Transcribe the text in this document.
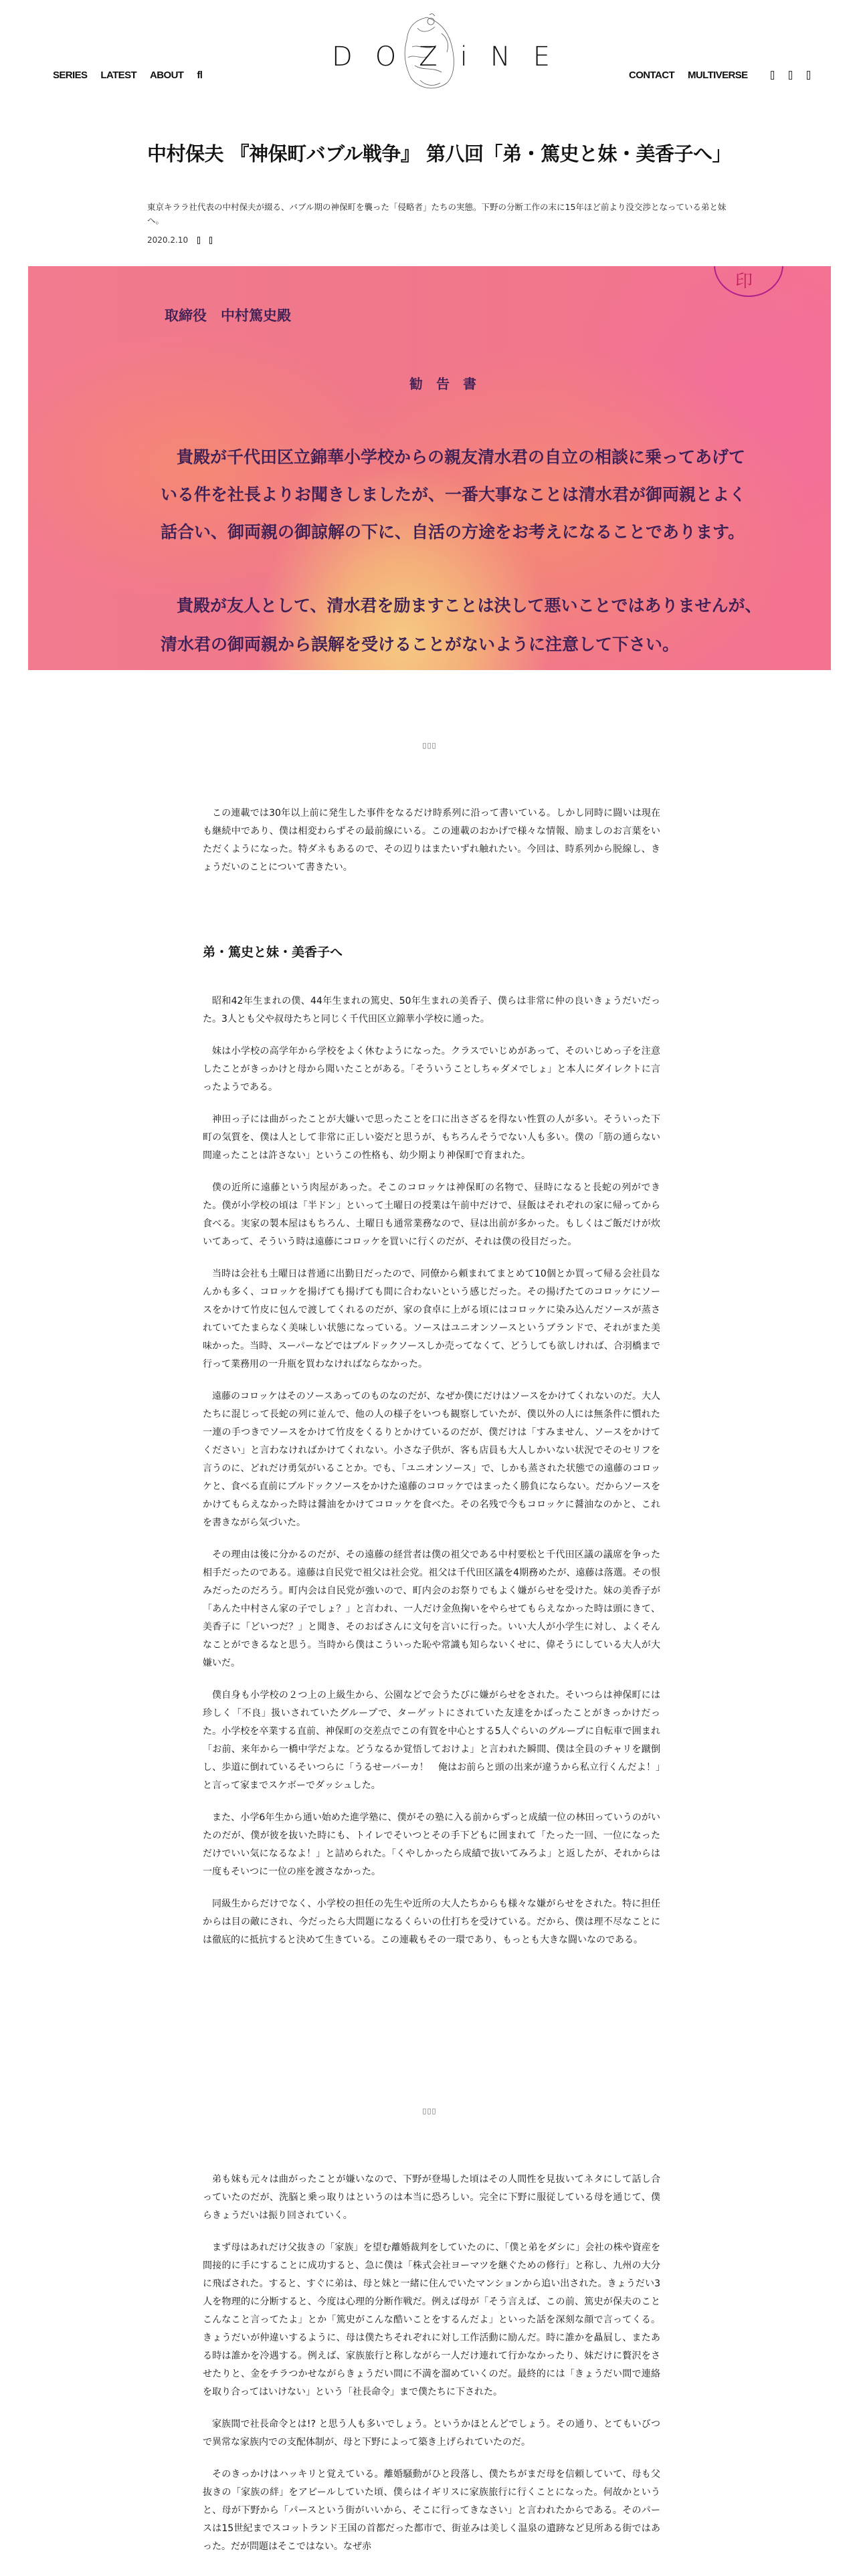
SERIES LATEST ABOUT fl
DOZiNE
CONTACT MULTIVERSE
中村保夫 『神保町バブル戦争』 第八回「弟・篤史と妹・美香子へ」
東京キララ社代表の中村保夫が綴る、バブル期の神保町を襲った「侵略者」たちの実態。下野の分断工作の末に15年ほど前より没交渉となっている弟と妹へ。
2020.2.10
印
取締役　中村篤史殿
勧　告　書
貴殿が千代田区立錦華小学校からの親友清水君の自立の相談に乗ってあげて
いる件を社長よりお聞きしましたが、一番大事なことは清水君が御両親とよく
話合い、御両親の御諒解の下に、自活の方途をお考えになることであります。
貴殿が友人として、清水君を励ますことは決して悪いことではありませんが、
清水君の御両親から誤解を受けることがないように注意して下さい。
▯▯▯

この連載では30年以上前に発生した事件をなるだけ時系列に沿って書いている。しかし同時に闘いは現在も継続中であり、僕は相変わらずその最前線にいる。この連載のおかげで様々な情報、励ましのお言葉をいただくようになった。特ダネもあるので、その辺りはまたいずれ触れたい。今回は、時系列から脱線し、きょうだいのことについて書きたい。

弟・篤史と妹・美香子へ

昭和42年生まれの僕、44年生まれの篤史、50年生まれの美香子、僕らは非常に仲の良いきょうだいだった。3人とも父や叔母たちと同じく千代田区立錦華小学校に通った。

妹は小学校の高学年から学校をよく休むようになった。クラスでいじめがあって、そのいじめっ子を注意したことがきっかけと母から聞いたことがある。「そういうことしちゃダメでしょ」と本人にダイレクトに言ったようである。

神田っ子には曲がったことが大嫌いで思ったことを口に出さざるを得ない性質の人が多い。そういった下町の気質を、僕は人として非常に正しい姿だと思うが、もちろんそうでない人も多い。僕の「筋の通らない間違ったことは許さない」というこの性格も、幼少期より神保町で育まれた。

僕の近所に遠藤という肉屋があった。そこのコロッケは神保町の名物で、昼時になると長蛇の列ができた。僕が小学校の頃は「半ドン」といって土曜日の授業は午前中だけで、昼飯はそれぞれの家に帰ってから食べる。実家の製本屋はもちろん、土曜日も通常業務なので、昼は出前が多かった。もしくはご飯だけが炊いてあって、そういう時は遠藤にコロッケを買いに行くのだが、それは僕の役目だった。

当時は会社も土曜日は普通に出勤日だったので、同僚から頼まれてまとめて10個とか買って帰る会社員なんかも多く、コロッケを揚げても揚げても間に合わないという感じだった。その揚げたてのコロッケにソースをかけて竹皮に包んで渡してくれるのだが、家の食卓に上がる頃にはコロッケに染み込んだソースが蒸されていてたまらなく美味しい状態になっている。ソースはユニオンソースというブランドで、それがまた美味かった。当時、スーパーなどではブルドックソースしか売ってなくて、どうしても欲しければ、合羽橋まで行って業務用の一升瓶を買わなければならなかった。

遠藤のコロッケはそのソースあってのものなのだが、なぜか僕にだけはソースをかけてくれないのだ。大人たちに混じって長蛇の列に並んで、他の人の様子をいつも観察していたが、僕以外の人には無条件に慣れた一連の手つきでソースをかけて竹皮をくるりとかけているのだが、僕だけは「すみません、ソースをかけてください」と言わなければかけてくれない。小さな子供が、客も店員も大人しかいない状況でそのセリフを言うのに、どれだけ勇気がいることか。でも、「ユニオンソース」で、しかも蒸された状態での遠藤のコロッケと、食べる直前にブルドックソースをかけた遠藤のコロッケではまったく勝負にならない。だからソースをかけてもらえなかった時は醤油をかけてコロッケを食べた。その名残で今もコロッケに醤油なのかと、これを書きながら気づいた。

その理由は後に分かるのだが、その遠藤の経営者は僕の祖父である中村要松と千代田区議の議席を争った相手だったのである。遠藤は自民党で祖父は社会党。祖父は千代田区議を4期務めたが、遠藤は落選。その恨みだったのだろう。町内会は自民党が強いので、町内会のお祭りでもよく嫌がらせを受けた。妹の美香子が「あんた中村さん家の子でしょ？」と言われ、一人だけ金魚掬いをやらせてもらえなかった時は頭にきて、美香子に「どいつだ？」と聞き、そのおばさんに文句を言いに行った。いい大人が小学生に対し、よくそんなことができるなと思う。当時から僕はこういった恥や常識も知らないくせに、偉そうにしている大人が大嫌いだ。

僕自身も小学校の２つ上の上級生から、公園などで会うたびに嫌がらせをされた。そいつらは神保町には珍しく「不良」扱いされていたグループで、ターゲットにされていた友達をかばったことがきっかけだった。小学校を卒業する直前、神保町の交差点でこの有賀を中心とする5人ぐらいのグループに自転車で囲まれ「お前、来年から一橋中学だよな。どうなるか覚悟しておけよ」と言われた瞬間、僕は全員のチャリを蹴倒し、歩道に倒れているそいつらに「うるせーバーカ！　俺はお前らと頭の出来が違うから私立行くんだよ！」と言って家までスケボーでダッシュした。

また、小学6年生から通い始めた進学塾に、僕がその塾に入る前からずっと成績一位の林田っていうのがいたのだが、僕が彼を抜いた時にも、トイレでそいつとその手下どもに囲まれて「たった一回、一位になっただけでいい気になるなよ！」と詰められた。「くやしかったら成績で抜いてみろよ」と返したが、それからは一度もそいつに一位の座を渡さなかった。

同級生からだけでなく、小学校の担任の先生や近所の大人たちからも様々な嫌がらせをされた。特に担任からは目の敵にされ、今だったら大問題になるくらいの仕打ちを受けている。だから、僕は理不尽なことには徹底的に抵抗すると決めて生きている。この連載もその一環であり、もっとも大きな闘いなのである。

▯▯▯

弟も妹も元々は曲がったことが嫌いなので、下野が登場した頃はその人間性を見抜いてネタにして話し合っていたのだが、洗脳と乗っ取りはというのは本当に恐ろしい。完全に下野に服従している母を通じて、僕らきょうだいは振り回されていく。

まず母はあれだけ父抜きの「家族」を望む離婚裁判をしていたのに、「僕と弟をダシに」会社の株や資産を間接的に手にすることに成功すると、急に僕は「株式会社ヨーマツを継ぐための修行」と称し、九州の大分に飛ばされた。すると、すぐに弟は、母と妹と一緒に住んでいたマンションから追い出された。きょうだい3人を物理的に分断すると、今度は心理的分断作戦だ。例えば母が「そう言えば、この前、篤史が保夫のことこんなこと言ってたよ」とか「篤史がこんな酷いことをするんだよ」といった話を深刻な顔で言ってくる。きょうだいが仲違いするように、母は僕たちそれぞれに対し工作活動に励んだ。時に誰かを贔屓し、またある時は誰かを冷遇する。例えば、家族旅行と称しながら一人だけ連れて行かなかったり、妹だけに贅沢をさせたりと、金をチラつかせながらきょうだい間に不満を溜めていくのだ。最終的には「きょうだい間で連絡を取り合ってはいけない」という「社長命令」まで僕たちに下された。

家族間で社長命令とは!? と思う人も多いでしょう。というかほとんどでしょう。その通り、とてもいびつで異常な家族内での支配体制が、母と下野によって築き上げられていたのだ。

そのきっかけはハッキリと覚えている。離婚騒動がひと段落し、僕たちがまだ母を信頼していて、母も父抜きの「家族の絆」をアピールしていた頃、僕らはイギリスに家族旅行に行くことになった。何故かというと、母が下野から「パースという街がいいから、そこに行ってきなさい」と言われたからである。そのパースは15世紀までスコットランド王国の首都だった都市で、街並みは美しく温泉の遺跡など見所ある街ではあった。だが問題はそこではない。なぜ赤
